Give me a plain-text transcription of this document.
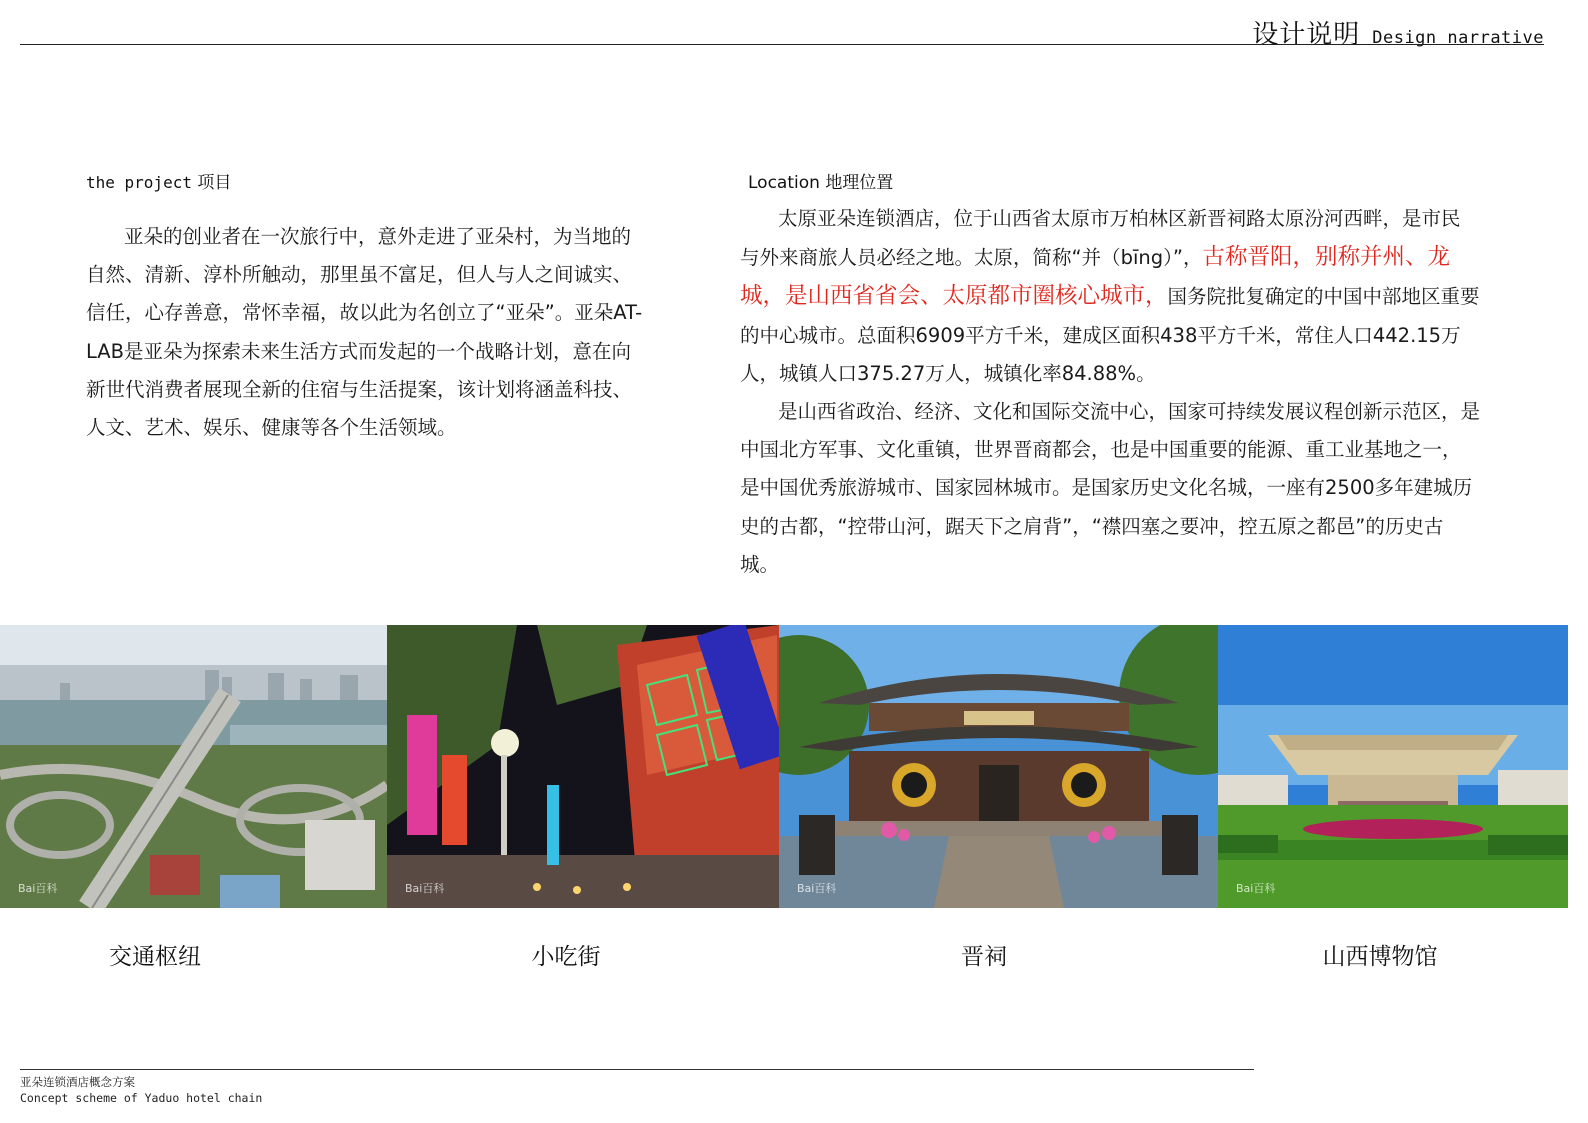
设计说明 Design narrative
the project 项目
亚朵的创业者在一次旅行中，意外走进了亚朵村，为当地的自然、清新、淳朴所触动，那里虽不富足，但人与人之间诚实、信任，心存善意，常怀幸福，故以此为名创立了“亚朵”。亚朵AT-LAB是亚朵为探索未来生活方式而发起的一个战略计划，意在向新世代消费者展现全新的住宿与生活提案，该计划将涵盖科技、人文、艺术、娱乐、健康等各个生活领域。
Location 地理位置

太原亚朵连锁酒店，位于山西省太原市万柏林区新晋祠路太原汾河西畔，是市民 与外来商旅人员必经之地。太原，简称“并（bīng）”，古称晋阳，别称并州、龙城，是山西省省会、太原都市圈核心城市，国务院批复确定的中国中部地区重要的中心城市。总面积6909平方千米，建成区面积438平方千米，常住人口442.15万人，城镇人口375.27万人，城镇化率84.88%。

是山西省政治、经济、文化和国际交流中心，国家可持续发展议程创新示范区，是中国北方军事、文化重镇，世界晋商都会，也是中国重要的能源、重工业基地之一，是中国优秀旅游城市、国家园林城市。是国家历史文化名城，一座有2500多年建城历史的古都，“控带山河，踞天下之肩背”，“襟四塞之要冲，控五原之都邑”的历史古城。

Bai百科	Bai百科	Bai百科	Bai百科
交通枢纽	小吃街	晋祠	山西博物馆
亚朵连锁酒店概念方案
Concept scheme of Yaduo hotel chain
